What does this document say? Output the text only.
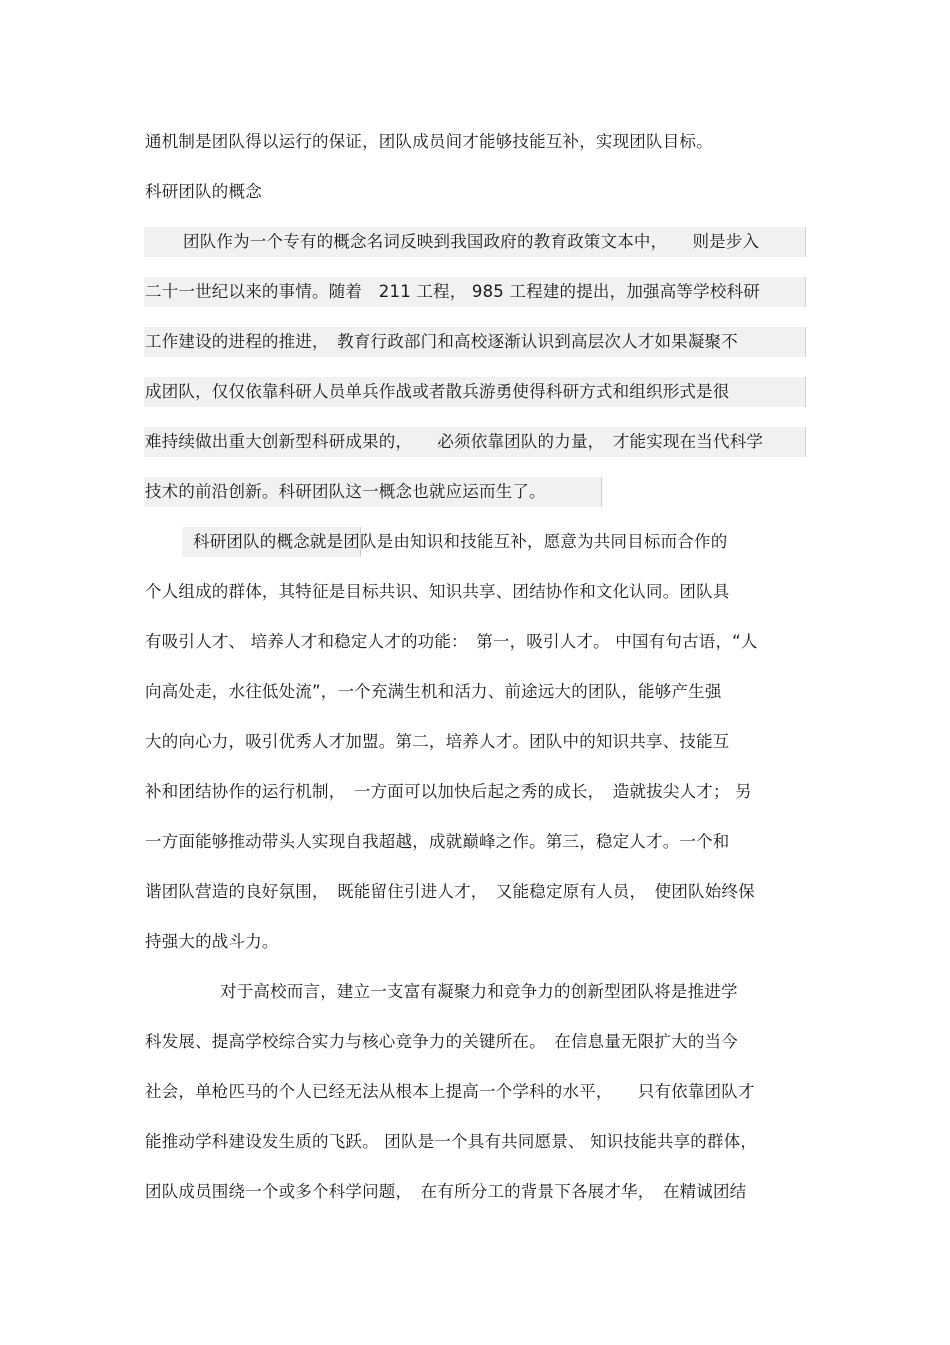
通机制是团队得以运行的保证，团队成员间才能够技能互补，实现团队目标。
科研团队的概念
团队作为一个专有的概念名词反映到我国政府的教育政策文本中，　　则是步入
二十一世纪以来的事情。随着　211 工程， 985 工程建的提出，加强高等学校科研
工作建设的进程的推进，　教育行政部门和高校逐渐认识到高层次人才如果凝聚不
成团队，仅仅依靠科研人员单兵作战或者散兵游勇使得科研方式和组织形式是很
难持续做出重大创新型科研成果的，　　必须依靠团队的力量，　才能实现在当代科学
技术的前沿创新。科研团队这一概念也就应运而生了。
科研团队的概念就是团队是由知识和技能互补，愿意为共同目标而合作的
个人组成的群体，其特征是目标共识、知识共享、团结协作和文化认同。团队具
有吸引人才、 培养人才和稳定人才的功能：　第一，吸引人才。 中国有句古语，“人
向高处走，水往低处流”，一个充满生机和活力、前途远大的团队，能够产生强
大的向心力，吸引优秀人才加盟。第二，培养人才。团队中的知识共享、技能互
补和团结协作的运行机制，　一方面可以加快后起之秀的成长，　造就拔尖人才； 另
一方面能够推动带头人实现自我超越，成就巅峰之作。第三，稳定人才。一个和
谐团队营造的良好氛围，　既能留住引进人才，　又能稳定原有人员，　使团队始终保
持强大的战斗力。
对于高校而言，建立一支富有凝聚力和竞争力的创新型团队将是推进学
科发展、提高学校综合实力与核心竞争力的关键所在。　在信息量无限扩大的当今
社会，单枪匹马的个人已经无法从根本上提高一个学科的水平，　　只有依靠团队才
能推动学科建设发生质的飞跃。 团队是一个具有共同愿景、 知识技能共享的群体，
团队成员围绕一个或多个科学问题，　在有所分工的背景下各展才华，　在精诚团结
